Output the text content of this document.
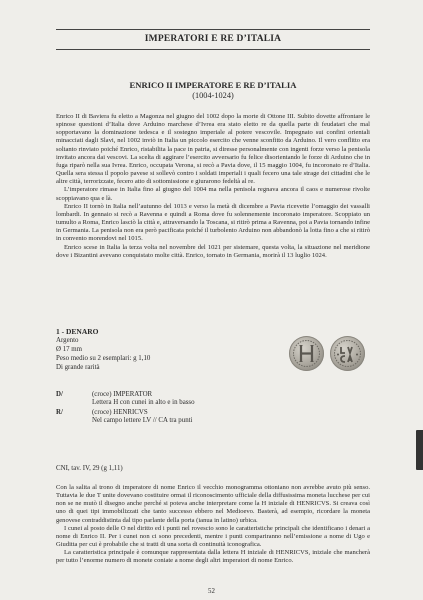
IMPERATORI E RE D’ITALIA
ENRICO II IMPERATORE E RE D’ITALIA
(1004-1024)

Enrico II di Baviera fu eletto a Magonza nel giugno del 1002 dopo la morte di Ottone III. Subito dovette affrontare le spinose questioni d’Italia dove Arduino marchese d’Ivrea era stato eletto re da quella parte di feudatari che mal sopportavano la dominazione tedesca e il sostegno imperiale al potere vescovile. Impegnato sui confini orientali minacciati dagli Slavi, nel 1002 inviò in Italia un piccolo esercito che venne sconfitto da Arduino. Il vero conflitto era soltanto rinviato poiché Enrico, ristabilita la pace in patria, si diresse personalmente con ingenti forze verso la penisola invitato ancora dai vescovi. La scelta di aggirare l’esercito avversario fu felice disorientando le forze di Arduino che in fuga riparò nella sua Ivrea. Enrico, occupata Verona, si recò a Pavia dove, il 15 maggio 1004, fu incoronato re d’Italia. Quella sera stessa il popolo pavese si sollevò contro i soldati imperiali i quali fecero una tale strage dei cittadini che le altre città, terrorizzate, fecero atto di sottomissione e giurarono fedeltà al re.

L’imperatore rimase in Italia fino al giugno del 1004 ma nella penisola regnava ancora il caos e numerose rivolte scoppiavano qua e là.

Enrico II tornò in Italia nell’autunno del 1013 e verso la metà di dicembre a Pavia ricevette l’omaggio dei vassalli lombardi. In gennaio si recò a Ravenna e quindi a Roma dove fu solennemente incoronato imperatore. Scoppiato un tumulto a Roma, Enrico lasciò la città e, attraversando la Toscana, si ritirò prima a Ravenna, poi a Pavia tornando infine in Germania. La penisola non era però pacificata poiché il turbolento Arduino non abbandonò la lotta fino a che si ritirò in convento morendovi nel 1015.

Enrico scese in Italia la terza volta nel novembre del 1021 per sistemare, questa volta, la situazione nel meridione dove i Bizantini avevano conquistato molte città. Enrico, tornato in Germania, morirà il 13 luglio 1024.

1 - DENARO
Argento
Ø 17 mm
Peso medio su 2 esemplari: g 1,10
Di grande rarità
D/	(croce) IMPERATOR
Lettera H con cunei in alto e in basso
R/	(croce) HENRICVS
Nel campo lettere LV // CA tra punti
CNI, tav. IV, 29 (g 1,11)

Con la salita al trono di imperatore di nome Enrico il vecchio monogramma ottoniano non avrebbe avuto più senso. Tuttavia le due T unite dovevano costituire ormai il riconoscimento ufficiale della diffusissima moneta lucchese per cui non se ne mutò il disegno anche perché si poteva anche interpretare come la H iniziale di HENRICVS. Si creava così uno di quei tipi immobilizzati che tanto successo ebbero nel Medioevo. Basterà, ad esempio, ricordare la moneta genovese contraddistinta dal tipo parlante della porta (ianua in latino) urbica.

I cunei al posto delle O nel diritto ed i punti nel rovescio sono le caratteristiche principali che identificano i denari a nome di Enrico II. Per i cunei non ci sono precedenti, mentre i punti compariranno nell’emissione a nome di Ugo e Giuditta per cui è probabile che si tratti di una sorta di continuità iconografica.

La caratteristica principale è comunque rappresentata dalla lettera H iniziale di HENRICVS, iniziale che mancherà per tutto l’enorme numero di monete coniate a nome degli altri imperatori di nome Enrico.

52
